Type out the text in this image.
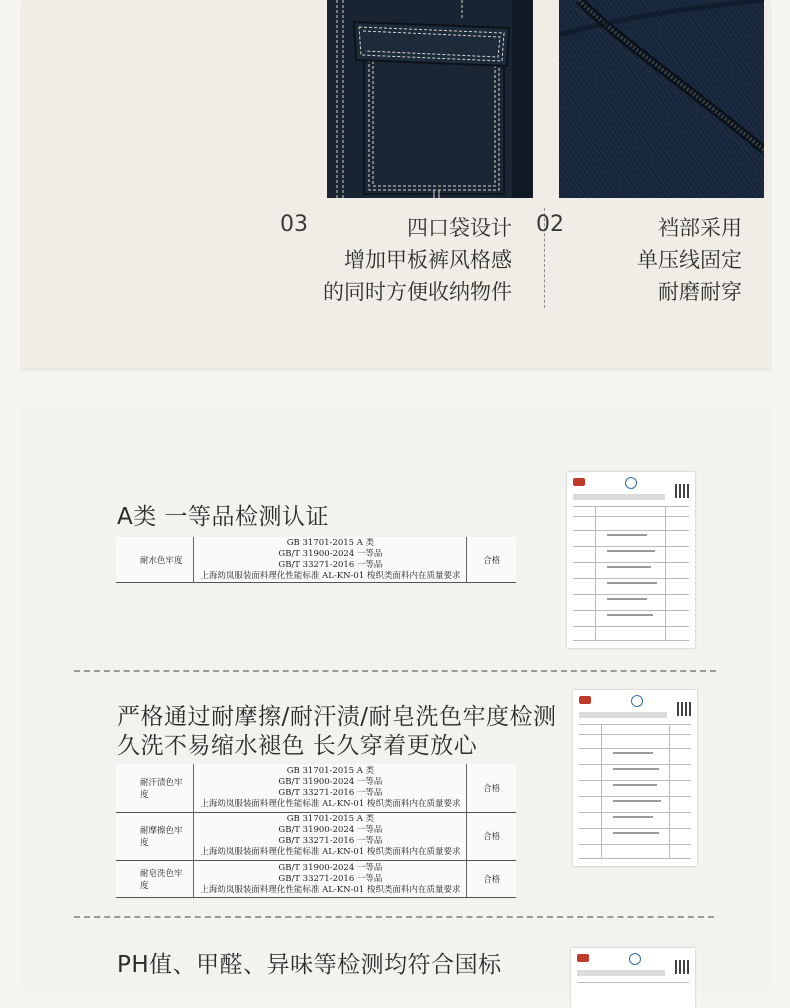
03	四口袋设计
增加甲板裤风格感
的同时方便收纳物件
02	裆部采用
单压线固定
耐磨耐穿
A类 一等品检测认证
耐水色牢度	
GB 31701-2015 A 类
GB/T 31900-2024 一等品
GB/T 33271-2016 一等品
上海幼岚服装面料理化性能标准 AL-KN-01 梭织类面料内在质量要求
	合格
严格通过耐摩擦/耐汗渍/耐皂洗色牢度检测
久洗不易缩水褪色 长久穿着更放心
耐汗渍色牢度	GB 31701-2015 A 类
GB/T 31900-2024 一等品
GB/T 33271-2016 一等品
上海幼岚服装面料理化性能标准 AL-KN-01 梭织类面料内在质量要求	合格
耐摩擦色牢度	GB 31701-2015 A 类
GB/T 31900-2024 一等品
GB/T 33271-2016 一等品
上海幼岚服装面料理化性能标准 AL-KN-01 梭织类面料内在质量要求	合格
耐皂洗色牢度	GB/T 31900-2024 一等品
GB/T 33271-2016 一等品
上海幼岚服装面料理化性能标准 AL-KN-01 梭织类面料内在质量要求	合格
PH值、甲醛、异味等检测均符合国标
